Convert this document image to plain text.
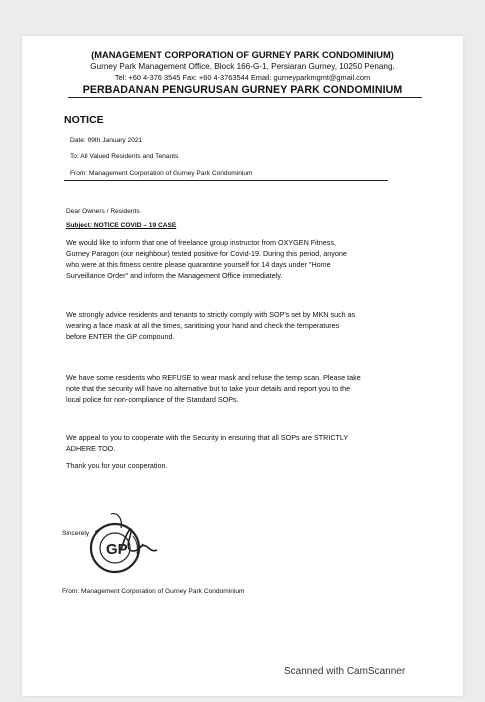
(MANAGEMENT CORPORATION OF GURNEY PARK CONDOMINIUM)
Gurney Park Management Office, Block 166-G-1, Persiaran Gurney, 10250 Penang.
Tel: +60 4-376 3545 Fax: +60 4-3763544 Email: gurneyparkmgmt@gmail.com
PERBADANAN PENGURUSAN GURNEY PARK CONDOMINIUM
NOTICE
Date: 09th January 2021
To: All Valued Residents and Tenants
From: Management Corporation of Gurney Park Condominium
Dear Owners / Residents
Subject: NOTICE COVID – 19 CASE
We would like to inform that one of freelance group instructor from OXYGEN Fitness,
Gurney Paragon (our neighbour) tested positive for Covid-19. During this period, anyone
who were at this fitness centre please quarantine yourself for 14 days under "Home
Surveillance Order" and inform the Management Office immediately.
We strongly advice residents and tenants to strictly comply with SOP's set by MKN such as
wearing a face mask at all the times, sanitising your hand and check the temperatures
before ENTER the GP compound.
We have some residents who REFUSE to wear mask and refuse the temp scan. Please take
note that the security will have no alternative but to take your details and report you to the
local police for non-compliance of the Standard SOPs.
We appeal to you to cooperate with the Security in ensuring that all SOPs are STRICTLY
ADHERE TOO.
Thank you for your cooperation.
Sincerely
GP
From: Management Corporation of Gurney Park Condominium
Scanned with CamScanner
